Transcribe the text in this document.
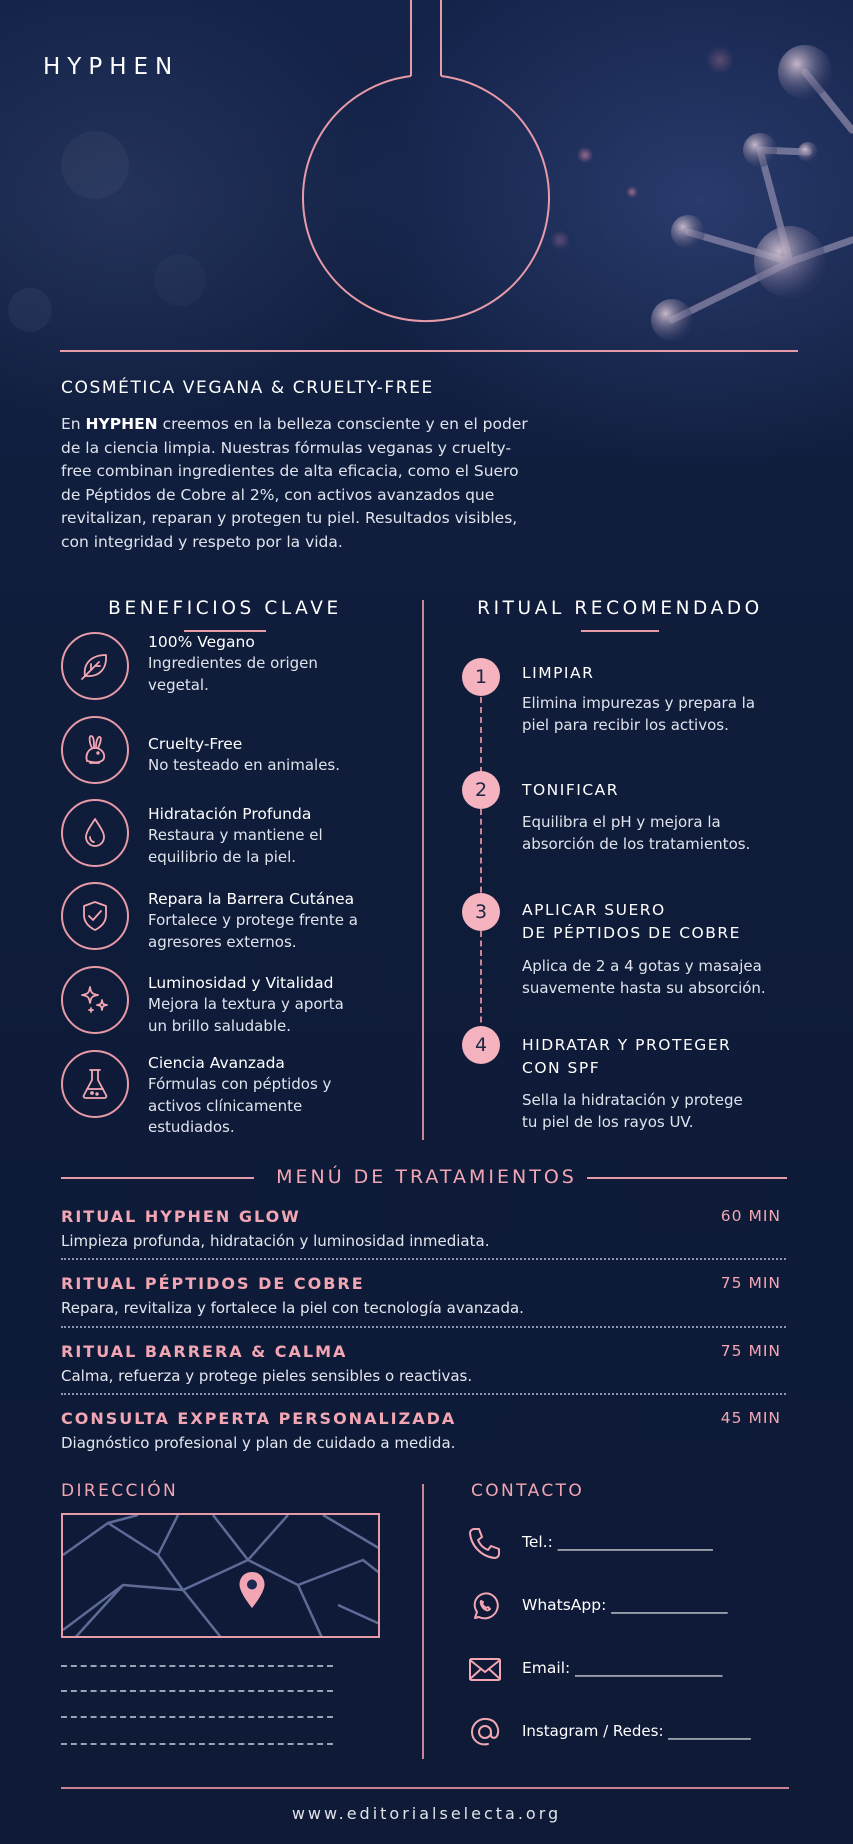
HYPHEN
COSMÉTICA VEGANA & CRUELTY-FREE

En HYPHEN creemos en la belleza consciente y en el poder de la ciencia limpia. Nuestras fórmulas veganas y cruelty-free combinan ingredientes de alta eficacia, como el Suero de Péptidos de Cobre al 2%, con activos avanzados que revitalizan, reparan y protegen tu piel. Resultados visibles, con integridad y respeto por la vida.

BENEFICIOS CLAVE
100% Vegano
Ingredientes de origen vegetal.
Cruelty-Free
No testeado en animales.
Hidratación Profunda
Restaura y mantiene el equilibrio de la piel.
Repara la Barrera Cutánea
Fortalece y protege frente a agresores externos.
Luminosidad y Vitalidad
Mejora la textura y aporta un brillo saludable.
Ciencia Avanzada
Fórmulas con péptidos y activos clínicamente estudiados.
RITUAL RECOMENDADO
1	LIMPIAR
Elimina impurezas y prepara la piel para recibir los activos.
2	TONIFICAR
Equilibra el pH y mejora la absorción de los tratamientos.
3	APLICAR SUERO
DE PÉPTIDOS DE COBRE
Aplica de 2 a 4 gotas y masajea suavemente hasta su absorción.
4	HIDRATAR Y PROTEGER
CON SPF
Sella la hidratación y protege tu piel de los rayos UV.
MENÚ DE TRATAMIENTOS
RITUAL HYPHEN GLOW	60 MIN
Limpieza profunda, hidratación y luminosidad inmediata.
RITUAL PÉPTIDOS DE COBRE	75 MIN
Repara, revitaliza y fortalece la piel con tecnología avanzada.
RITUAL BARRERA & CALMA	75 MIN
Calma, refuerza y protege pieles sensibles o reactivas.
CONSULTA EXPERTA PERSONALIZADA	45 MIN
Diagnóstico profesional y plan de cuidado a medida.
DIRECCIÓN	CONTACTO
Tel.: ____________________
WhatsApp: _______________
Email: ___________________
Instagram / Redes: ___________
www.editorialselecta.org
